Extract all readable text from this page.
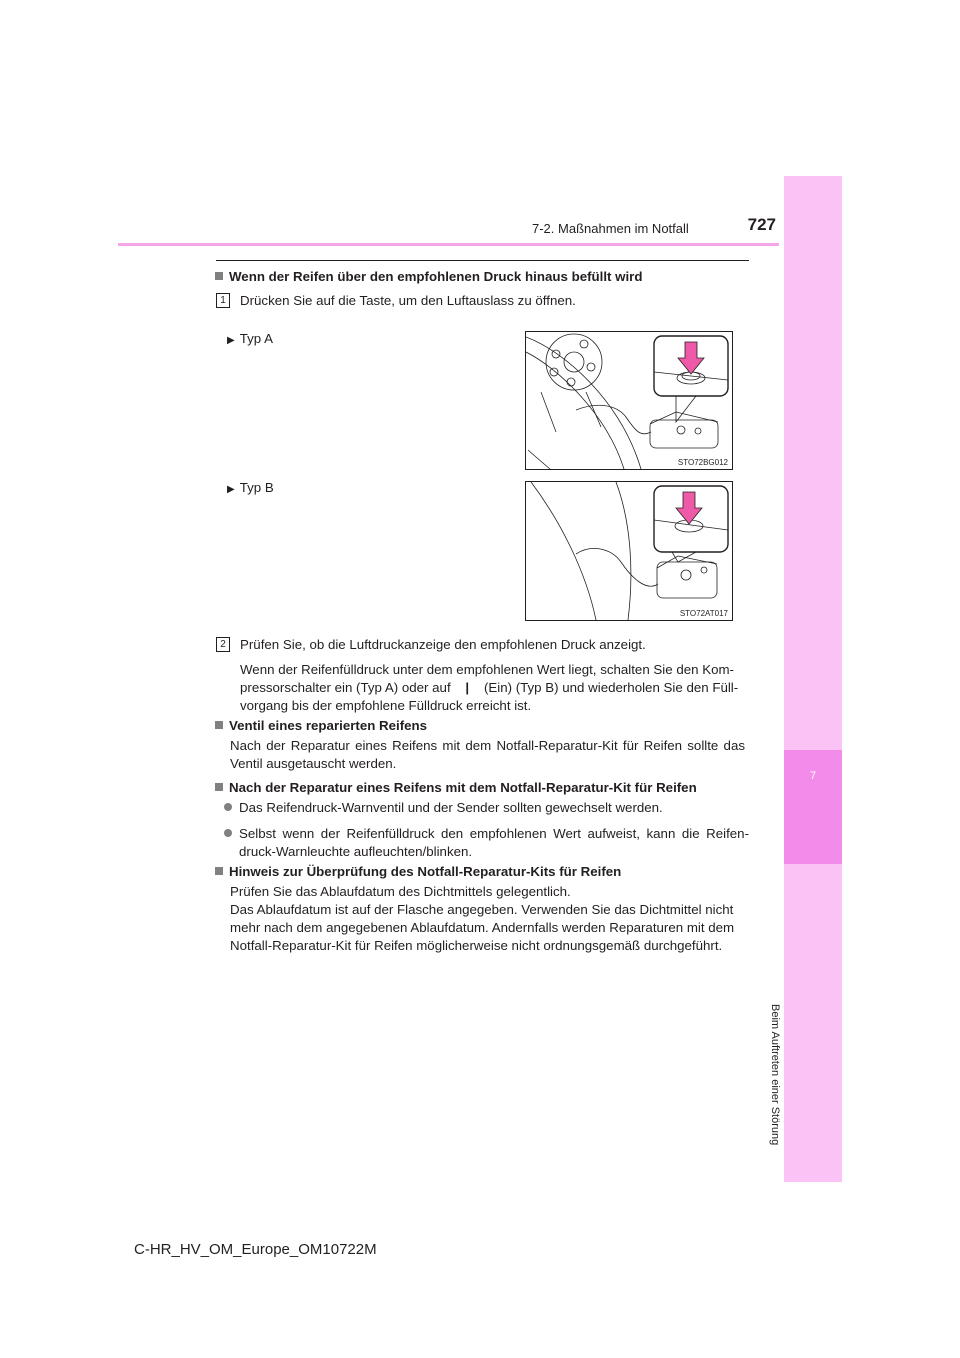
7
Beim Auftreten einer Störung
7-2. Maßnahmen im Notfall	727
Wenn der Reifen über den empfohlenen Druck hinaus befüllt wird
1	Drücken Sie auf die Taste, um den Luftauslass zu öffnen.
▶ Typ A
STO72BG012
▶ Typ B
STO72AT017
2	Prüfen Sie, ob die Luftdruckanzeige den empfohlenen Druck anzeigt.
Wenn der Reifenfülldruck unter dem empfohlenen Wert liegt, schalten Sie den Kom-
pressorschalter ein (Typ A) oder auf | (Ein) (Typ B) und wiederholen Sie den Füll-
vorgang bis der empfohlene Fülldruck erreicht ist.
Ventil eines reparierten Reifens
Nach der Reparatur eines Reifens mit dem Notfall-Reparatur-Kit für Reifen sollte das Ventil ausgetauscht werden.
Nach der Reparatur eines Reifens mit dem Notfall-Reparatur-Kit für Reifen
Das Reifendruck-Warnventil und der Sender sollten gewechselt werden.
Selbst wenn der Reifenfülldruck den empfohlenen Wert aufweist, kann die Reifen-druck-Warnleuchte aufleuchten/blinken.
Hinweis zur Überprüfung des Notfall-Reparatur-Kits für Reifen
Prüfen Sie das Ablaufdatum des Dichtmittels gelegentlich.
Das Ablaufdatum ist auf der Flasche angegeben. Verwenden Sie das Dichtmittel nicht mehr nach dem angegebenen Ablaufdatum. Andernfalls werden Reparaturen mit dem Notfall-Reparatur-Kit für Reifen möglicherweise nicht ordnungsgemäß durchgeführt.
C-HR_HV_OM_Europe_OM10722M
